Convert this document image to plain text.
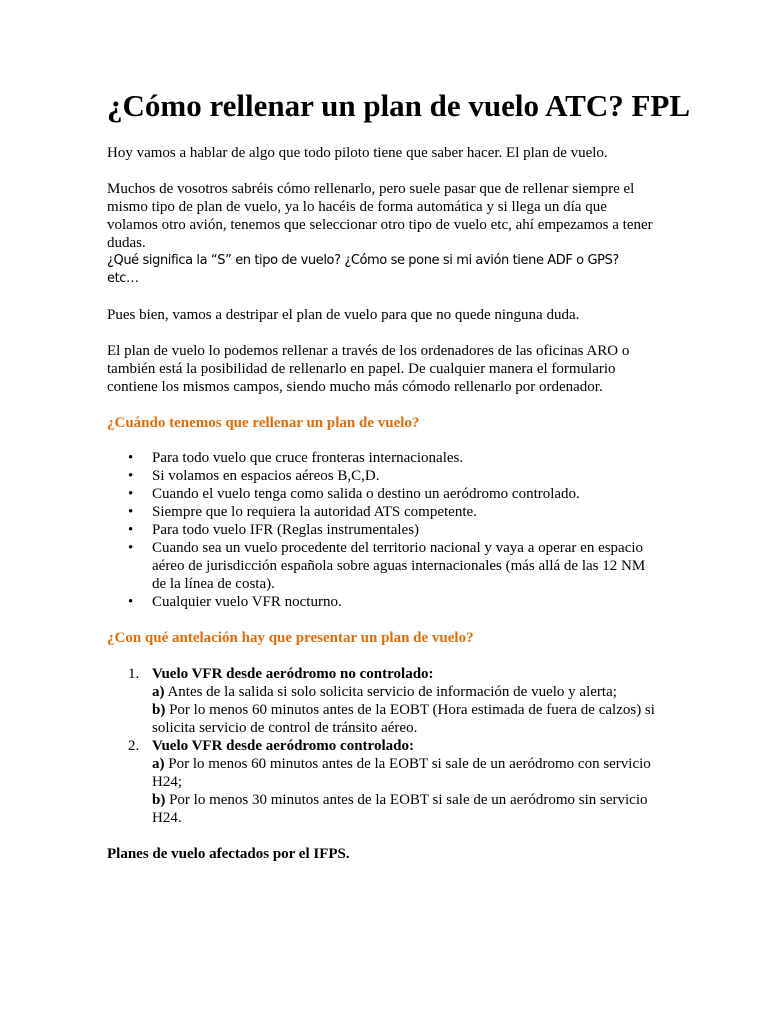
¿Cómo rellenar un plan de vuelo ATC? FPL

Hoy vamos a hablar de algo que todo piloto tiene que saber hacer. El plan de vuelo.

Muchos de vosotros sabréis cómo rellenarlo, pero suele pasar que de rellenar siempre el
mismo tipo de plan de vuelo, ya lo hacéis de forma automática y si llega un día que
volamos otro avión, tenemos que seleccionar otro tipo de vuelo etc, ahí empezamos a tener
dudas.
¿Qué significa la “S” en tipo de vuelo? ¿Cómo se pone si mi avión tiene ADF o GPS?
etc…

Pues bien, vamos a destripar el plan de vuelo para que no quede ninguna duda.

El plan de vuelo lo podemos rellenar a través de los ordenadores de las oficinas ARO o
también está la posibilidad de rellenarlo en papel. De cualquier manera el formulario
contiene los mismos campos, siendo mucho más cómodo rellenarlo por ordenador.

¿Cuándo tenemos que rellenar un plan de vuelo?
• Para todo vuelo que cruce fronteras internacionales.
• Si volamos en espacios aéreos B,C,D.
• Cuando el vuelo tenga como salida o destino un aeródromo controlado.
• Siempre que lo requiera la autoridad ATS competente.
• Para todo vuelo IFR (Reglas instrumentales)
• Cuando sea un vuelo procedente del territorio nacional y vaya a operar en espacio
aéreo de jurisdicción española sobre aguas internacionales (más allá de las 12 NM
de la línea de costa).
• Cualquier vuelo VFR nocturno.
¿Con qué antelación hay que presentar un plan de vuelo?
1. Vuelo VFR desde aeródromo no controlado:
a) Antes de la salida si solo solicita servicio de información de vuelo y alerta;
b) Por lo menos 60 minutos antes de la EOBT (Hora estimada de fuera de calzos) si
solicita servicio de control de tránsito aéreo.
2. Vuelo VFR desde aeródromo controlado:
a) Por lo menos 60 minutos antes de la EOBT si sale de un aeródromo con servicio
H24;
b) Por lo menos 30 minutos antes de la EOBT si sale de un aeródromo sin servicio
H24.

Planes de vuelo afectados por el IFPS.
